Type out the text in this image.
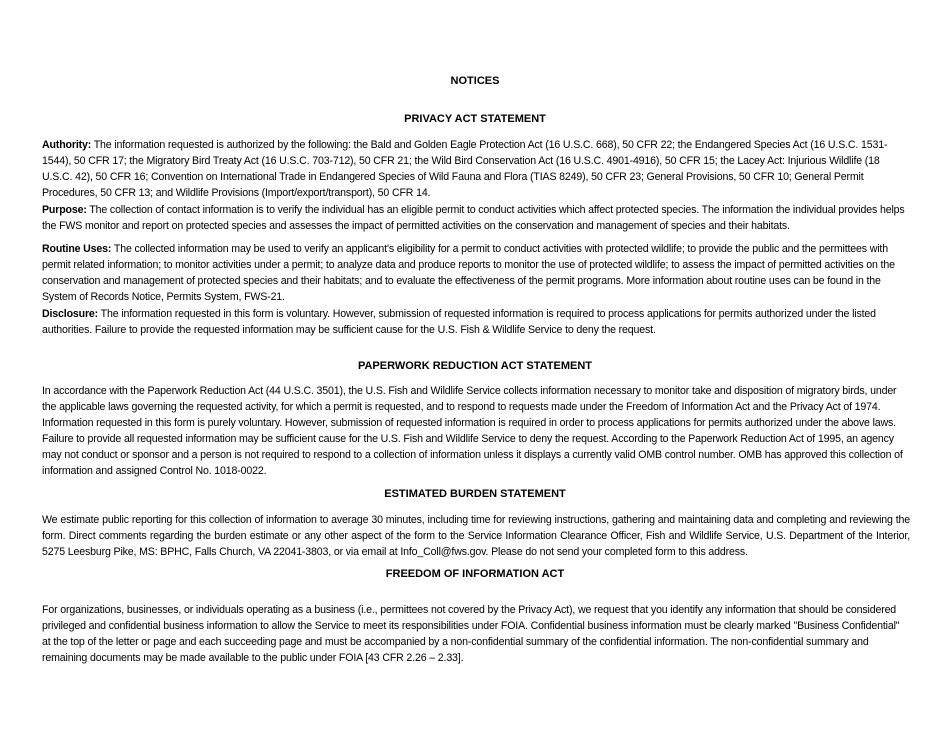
NOTICES
PRIVACY ACT STATEMENT
Authority: The information requested is authorized by the following: the Bald and Golden Eagle Protection Act (16 U.S.C. 668), 50 CFR 22; the Endangered Species Act (16 U.S.C. 1531-1544), 50 CFR 17; the Migratory Bird Treaty Act (16 U.S.C. 703-712), 50 CFR 21; the Wild Bird Conservation Act (16 U.S.C. 4901-4916), 50 CFR 15; the Lacey Act: Injurious Wildlife (18 U.S.C. 42), 50 CFR 16; Convention on International Trade in Endangered Species of Wild Fauna and Flora (TIAS 8249), 50 CFR 23; General Provisions, 50 CFR 10; General Permit Procedures, 50 CFR 13; and Wildlife Provisions (Import/export/transport), 50 CFR 14.
Purpose: The collection of contact information is to verify the individual has an eligible permit to conduct activities which affect protected species. The information the individual provides helps the FWS monitor and report on protected species and assesses the impact of permitted activities on the conservation and management of species and their habitats.
Routine Uses: The collected information may be used to verify an applicant's eligibility for a permit to conduct activities with protected wildlife; to provide the public and the permittees with permit related information; to monitor activities under a permit; to analyze data and produce reports to monitor the use of protected wildlife; to assess the impact of permitted activities on the conservation and management of protected species and their habitats; and to evaluate the effectiveness of the permit programs. More information about routine uses can be found in the System of Records Notice, Permits System, FWS-21.
Disclosure: The information requested in this form is voluntary. However, submission of requested information is required to process applications for permits authorized under the listed authorities. Failure to provide the requested information may be sufficient cause for the U.S. Fish & Wildlife Service to deny the request.
PAPERWORK REDUCTION ACT STATEMENT
In accordance with the Paperwork Reduction Act (44 U.S.C. 3501), the U.S. Fish and Wildlife Service collects information necessary to monitor take and disposition of migratory birds, under the applicable laws governing the requested activity, for which a permit is requested, and to respond to requests made under the Freedom of Information Act and the Privacy Act of 1974. Information requested in this form is purely voluntary. However, submission of requested information is required in order to process applications for permits authorized under the above laws. Failure to provide all requested information may be sufficient cause for the U.S. Fish and Wildlife Service to deny the request. According to the Paperwork Reduction Act of 1995, an agency may not conduct or sponsor and a person is not required to respond to a collection of information unless it displays a currently valid OMB control number. OMB has approved this collection of information and assigned Control No. 1018-0022.
ESTIMATED BURDEN STATEMENT
We estimate public reporting for this collection of information to average 30 minutes, including time for reviewing instructions, gathering and maintaining data and completing and reviewing the form. Direct comments regarding the burden estimate or any other aspect of the form to the Service Information Clearance Officer, Fish and Wildlife Service, U.S. Department of the Interior, 5275 Leesburg Pike, MS: BPHC, Falls Church, VA 22041-3803, or via email at Info_Coll@fws.gov. Please do not send your completed form to this address.
FREEDOM OF INFORMATION ACT
For organizations, businesses, or individuals operating as a business (i.e., permittees not covered by the Privacy Act), we request that you identify any information that should be considered privileged and confidential business information to allow the Service to meet its responsibilities under FOIA. Confidential business information must be clearly marked "Business Confidential" at the top of the letter or page and each succeeding page and must be accompanied by a non-confidential summary of the confidential information. The non-confidential summary and remaining documents may be made available to the public under FOIA [43 CFR 2.26 – 2.33].
